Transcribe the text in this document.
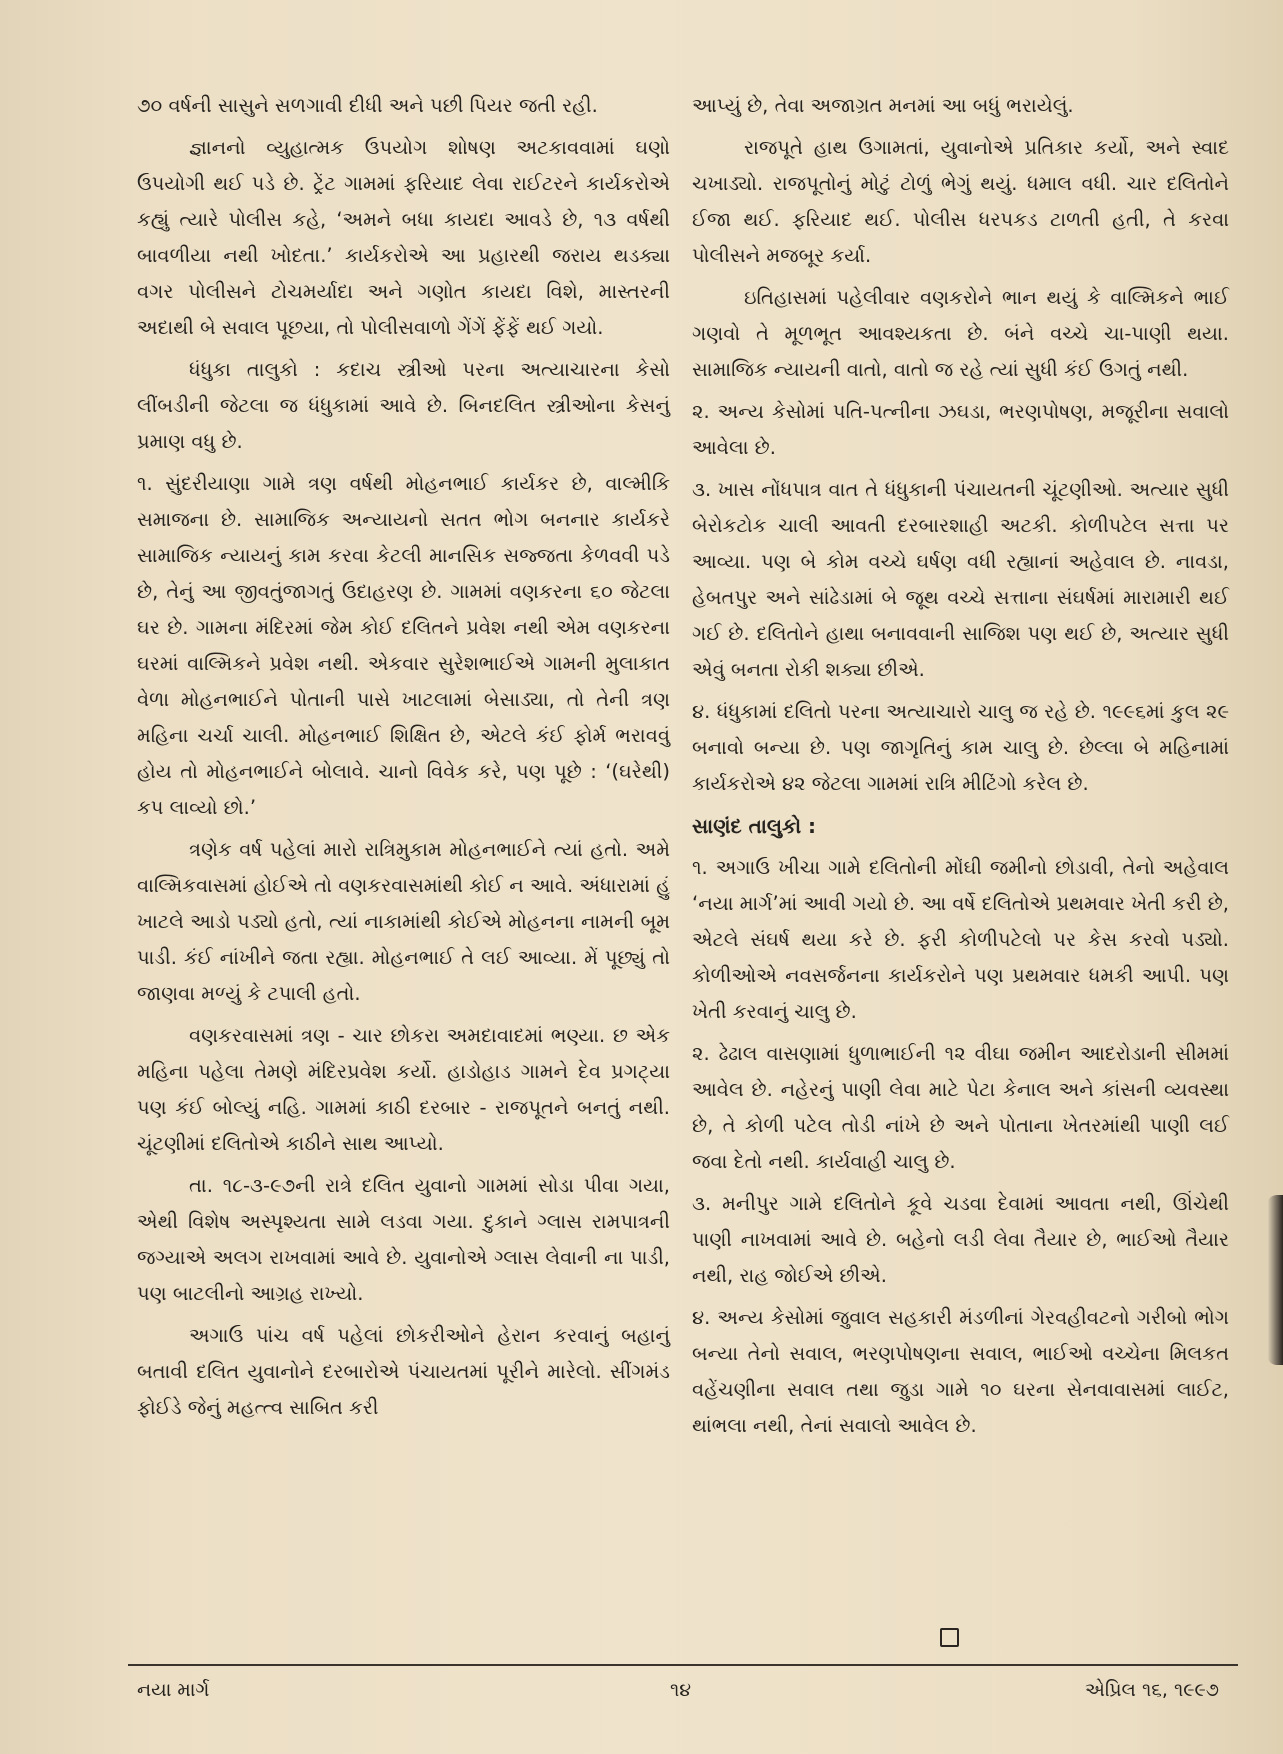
૭૦ વર્ષની સાસુને સળગાવી દીધી અને પછી પિયર જતી રહી.

જ્ઞાનનો વ્યુહાત્મક ઉપયોગ શોષણ અટકાવવામાં ઘણો ઉપયોગી થઈ પડે છે. ટ્રેંટ ગામમાં ફરિયાદ લેવા રાઈટરને કાર્યકરોએ કહ્યું ત્યારે પોલીસ કહે, ‘અમને બધા કાયદા આવડે છે, ૧૩ વર્ષથી બાવળીયા નથી ખોદતા.’ કાર્યકરોએ આ પ્રહારથી જરાય થડક્યા વગર પોલીસને ટોચમર્યાદા અને ગણોત કાયદા વિશે, માસ્તરની અદાથી બે સવાલ પૂછયા, તો પોલીસવાળો ગેંગેં ફેંફેં થઈ ગયો.

ધંધુકા તાલુકો : કદાચ સ્ત્રીઓ પરના અત્યાચારના કેસો લીંબડીની જેટલા જ ધંધુકામાં આવે છે. બિનદલિત સ્ત્રીઓના કેસનું પ્રમાણ વધુ છે.

૧. સુંદરીયાણા ગામે ત્રણ વર્ષથી મોહનભાઈ કાર્યકર છે, વાલ્મીકિ સમાજના છે. સામાજિક અન્યાયનો સતત ભોગ બનનાર કાર્યકરે સામાજિક ન્યાયનું કામ કરવા કેટલી માનસિક સજ્જતા કેળવવી પડે છે, તેનું આ જીવતુંજાગતું ઉદાહરણ છે. ગામમાં વણકરના ૬૦ જેટલા ઘર છે. ગામના મંદિરમાં જેમ કોઈ દલિતને પ્રવેશ નથી એમ વણકરના ઘરમાં વાલ્મિકને પ્રવેશ નથી. એકવાર સુરેશભાઈએ ગામની મુલાકાત વેળા મોહનભાઈને પોતાની પાસે ખાટલામાં બેસાડ્યા, તો તેની ત્રણ મહિના ચર્ચા ચાલી. મોહનભાઈ શિક્ષિત છે, એટલે કંઈ ફોર્મ ભરાવવું હોય તો મોહનભાઈને બોલાવે. ચાનો વિવેક કરે, પણ પૂછે : ‘(ઘરેથી) કપ લાવ્યો છો.’

ત્રણેક વર્ષ પહેલાં મારો રાત્રિમુકામ મોહનભાઈને ત્યાં હતો. અમે વાલ્મિકવાસમાં હોઈએ તો વણકરવાસમાંથી કોઈ ન આવે. અંધારામાં હું ખાટલે આડો પડ્યો હતો, ત્યાં નાકામાંથી કોઈએ મોહનના નામની બૂમ પાડી. કંઈ નાંખીને જતા રહ્યા. મોહનભાઈ તે લઈ આવ્યા. મેં પૂછ્યું તો જાણવા મળ્યું કે ટપાલી હતો.

વણકરવાસમાં ત્રણ - ચાર છોકરા અમદાવાદમાં ભણ્યા. છ એક મહિના પહેલા તેમણે મંદિરપ્રવેશ કર્યો. હાડોહાડ ગામને દેવ પ્રગટ્યા પણ કંઈ બોલ્યું નહિ. ગામમાં કાઠી દરબાર - રાજપૂતને બનતું નથી. ચૂંટણીમાં દલિતોએ કાઠીને સાથ આપ્યો.

તા. ૧૮-૩-૯૭ની રાત્રે દલિત યુવાનો ગામમાં સોડા પીવા ગયા, એથી વિશેષ અસ્પૃશ્યતા સામે લડવા ગયા. દુકાને ગ્લાસ રામપાત્રની જગ્યાએ અલગ રાખવામાં આવે છે. યુવાનોએ ગ્લાસ લેવાની ના પાડી, પણ બાટલીનો આગ્રહ રાખ્યો.

અગાઉ પાંચ વર્ષ પહેલાં છોકરીઓને હેરાન કરવાનું બહાનું બતાવી દલિત યુવાનોને દરબારોએ પંચાયતમાં પૂરીને મારેલો. સીંગમંડ ફોઈડે જેનું મહત્ત્વ સાબિત કરી

આપ્યું છે, તેવા અજાગ્રત મનમાં આ બધું ભરાયેલું.

રાજપૂતે હાથ ઉગામતાં, યુવાનોએ પ્રતિકાર કર્યો, અને સ્વાદ ચખાડ્યો. રાજપૂતોનું મોટું ટોળું ભેગું થયું. ધમાલ વધી. ચાર દલિતોને ઈજા થઈ. ફરિયાદ થઈ. પોલીસ ધરપકડ ટાળતી હતી, તે કરવા પોલીસને મજબૂર કર્યા.

ઇતિહાસમાં પહેલીવાર વણકરોને ભાન થયું કે વાલ્મિકને ભાઈ ગણવો તે મૂળભૂત આવશ્યકતા છે. બંને વચ્ચે ચા-પાણી થયા. સામાજિક ન્યાયની વાતો, વાતો જ રહે ત્યાં સુધી કંઈ ઉગતું નથી.

૨. અન્ય કેસોમાં પતિ-પત્નીના ઝઘડા, ભરણપોષણ, મજૂરીના સવાલો આવેલા છે.

૩. ખાસ નોંધપાત્ર વાત તે ધંધુકાની પંચાયતની ચૂંટણીઓ. અત્યાર સુધી બેરોકટોક ચાલી આવતી દરબારશાહી અટકી. કોળીપટેલ સત્તા પર આવ્યા. પણ બે કોમ વચ્ચે ઘર્ષણ વધી રહ્યાનાં અહેવાલ છે. નાવડા, હેબતપુર અને સાંઢેડામાં બે જૂથ વચ્ચે સત્તાના સંઘર્ષમાં મારામારી થઈ ગઈ છે. દલિતોને હાથા બનાવવાની સાજિશ પણ થઈ છે, અત્યાર સુધી એવું બનતા રોકી શક્યા છીએ.

૪. ધંધુકામાં દલિતો પરના અત્યાચારો ચાલુ જ રહે છે. ૧૯૯૬માં કુલ ૨૯ બનાવો બન્યા છે. પણ જાગૃતિનું કામ ચાલુ છે. છેલ્લા બે મહિનામાં કાર્યકરોએ ૪૨ જેટલા ગામમાં રાત્રિ મીટિંગો કરેલ છે.

સાણંદ તાલુકો :

૧. અગાઉ ખીચા ગામે દલિતોની મોંઘી જમીનો છોડાવી, તેનો અહેવાલ ‘નયા માર્ગ’માં આવી ગયો છે. આ વર્ષે દલિતોએ પ્રથમવાર ખેતી કરી છે, એટલે સંઘર્ષ થયા કરે છે. ફરી કોળીપટેલો પર કેસ કરવો પડ્યો. કોળીઓએ નવસર્જનના કાર્યકરોને પણ પ્રથમવાર ધમકી આપી. પણ ખેતી કરવાનું ચાલુ છે.

૨. ઢેઢાલ વાસણામાં ધુળાભાઈની ૧૨ વીઘા જમીન આદરોડાની સીમમાં આવેલ છે. નહેરનું પાણી લેવા માટે પેટા કેનાલ અને કાંસની વ્યવસ્થા છે, તે કોળી પટેલ તોડી નાંખે છે અને પોતાના ખેતરમાંથી પાણી લઈ જવા દેતો નથી. કાર્યવાહી ચાલુ છે.

૩. મનીપુર ગામે દલિતોને કૂવે ચડવા દેવામાં આવતા નથી, ઊંચેથી પાણી નાખવામાં આવે છે. બહેનો લડી લેવા તૈયાર છે, ભાઈઓ તૈયાર નથી, રાહ જોઈએ છીએ.

૪. અન્ય કેસોમાં જુવાલ સહકારી મંડળીનાં ગેરવહીવટનો ગરીબો ભોગ બન્યા તેનો સવાલ, ભરણપોષણના સવાલ, ભાઈઓ વચ્ચેના મિલકત વહેંચણીના સવાલ તથા જુડા ગામે ૧૦ ઘરના સેનવાવાસમાં લાઈટ, થાંભલા નથી, તેનાં સવાલો આવેલ છે.

નયા માર્ગ	૧૪	એપ્રિલ ૧૬, ૧૯૯૭
